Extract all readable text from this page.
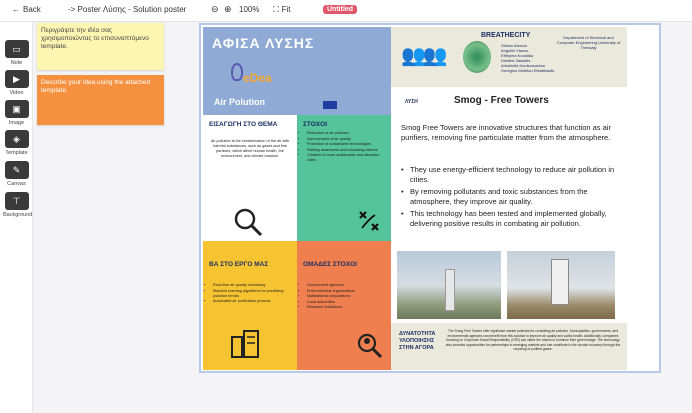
← Back	-> Poster Λύσης - Solution poster	⊖ ⊕ 100% ⛶ Fit	Untitled
▭
Note
▶
Video
▣
Image
◈
Template
✎
Canvas
⊤
Background
Περιγράψτε την ιδέα σας χρησιμοποιώντας το επισυναπτόμενο template.
Describe your idea using the attached template.
ΑΦΙΣΑ ΛΥΣΗΣ
eDea
Air Polution
ΕΙΣΑΓΩΓΗ ΣΤΟ ΘΕΜΑ
Air pollution is the contamination of the air with harmful substances, such as gases and fine particles, which affect human health, the environment, and climate balance.
ΣΤΟΧΟΙ
• Reduction of air pollution
• Improvement of air quality
• Protection of sustainable technologies
• Raising awareness and educating citizens
• Creation of more sustainable and attractive cities
ΒΑ ΣΤΟ ΕΡΓΟ ΜΑΣ
• Real-time air quality monitoring
• Machine learning algorithms for predicting pollution trends
• Automated air purification process
ΟΜΑΔΕΣ ΣΤΟΧΟΙ
• Government agencies
• Environmental organizations
• Multinational corporations
• Local authorities
• Research institutions
👥👥
BREATHECITY
Stelios Alexiou
Angeliki Vlaxou
Eftihyma Koustika
Dimitris Vasiadis
Aristotelis Koutsomarkou
Georgios Moletou Efstathiadis
Department of Electrical and Computer Engineering University of Thessaly
ΛΥΣΗ	Smog - Free Towers
Smog Free Towers are innovative structures that function as air purifiers, removing fine particulate matter from the atmosphere.
• They use energy-efficient technology to reduce air pollution in cities.
• By removing pollutants and toxic substances from the atmosphere, they improve air quality.
• This technology has been tested and implemented globally, delivering positive results in combating air pollution.
ΔΥΝΑΤΟΤΗΤΑ ΥΛΟΠΟΙΗΣΗΣ ΣΤΗΝ ΑΓΟΡΑ
The Smog Free Towers offer significant market potential for combating air pollution. Municipalities, governments, and environmental agencies can benefit from this solution to improve air quality and public health. Additionally, companies focusing on Corporate Social Responsibility (CSR) can utilize the towers to enhance their green image. The technology also provides opportunities for partnerships in emerging markets and can contribute to the circular economy through the recycling of purified gases.
